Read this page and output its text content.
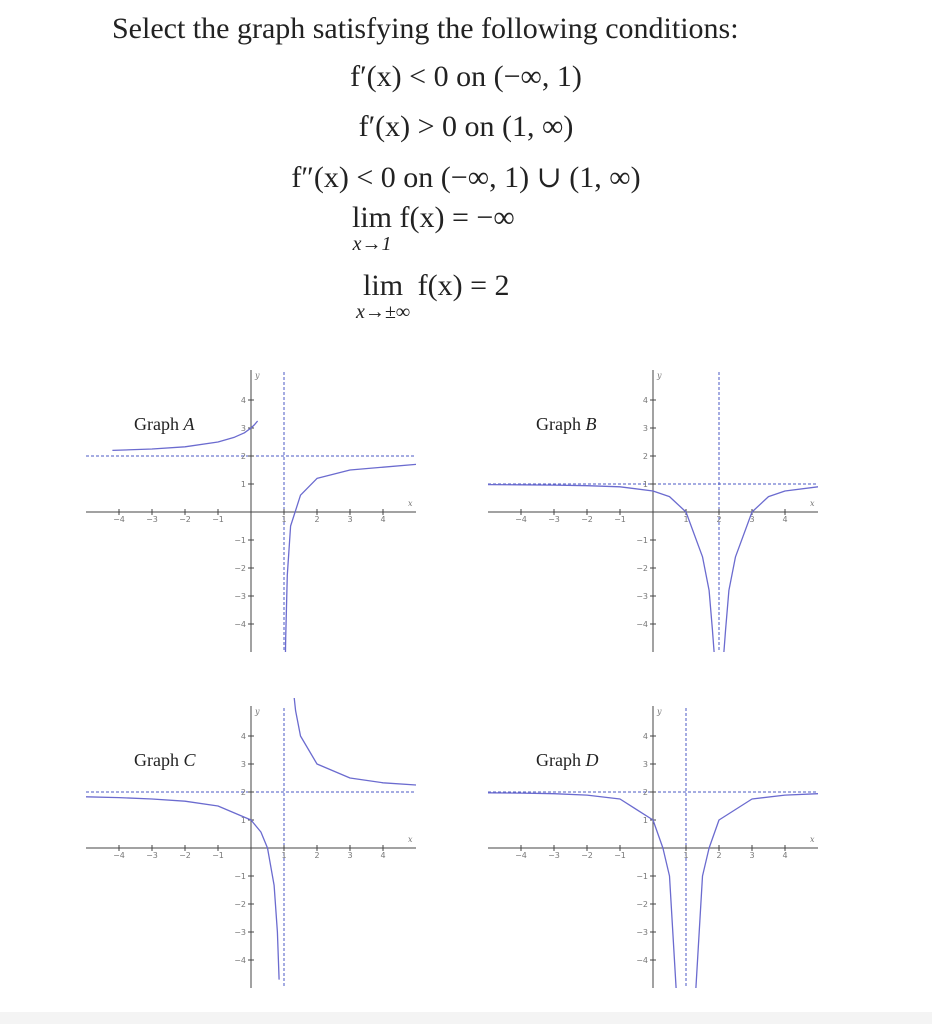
Select the graph satisfying the following conditions:
f′(x) < 0 on (−∞, 1)
f′(x) > 0 on (1, ∞)
f″(x) < 0 on (−∞, 1) ∪ (1, ∞)
lim
x→1
f(x) = −∞
lim
x→±∞
f(x) = 2
Graph A
−4	−3	−2	−1	1	2	3	4
−4
−3
−2
−1
1
2
3
4
x
y
Graph B
−4	−3	−2	−1	1	2	3	4
−4
−3
−2
−1
1
2
3
4
x
y
Graph C
−4	−3	−2	−1	1	2	3	4
−4
−3
−2
−1
1
2
3
4
x
y
Graph D
−4	−3	−2	−1	1	2	3	4
−4
−3
−2
−1
1
2
3
4
x
y
